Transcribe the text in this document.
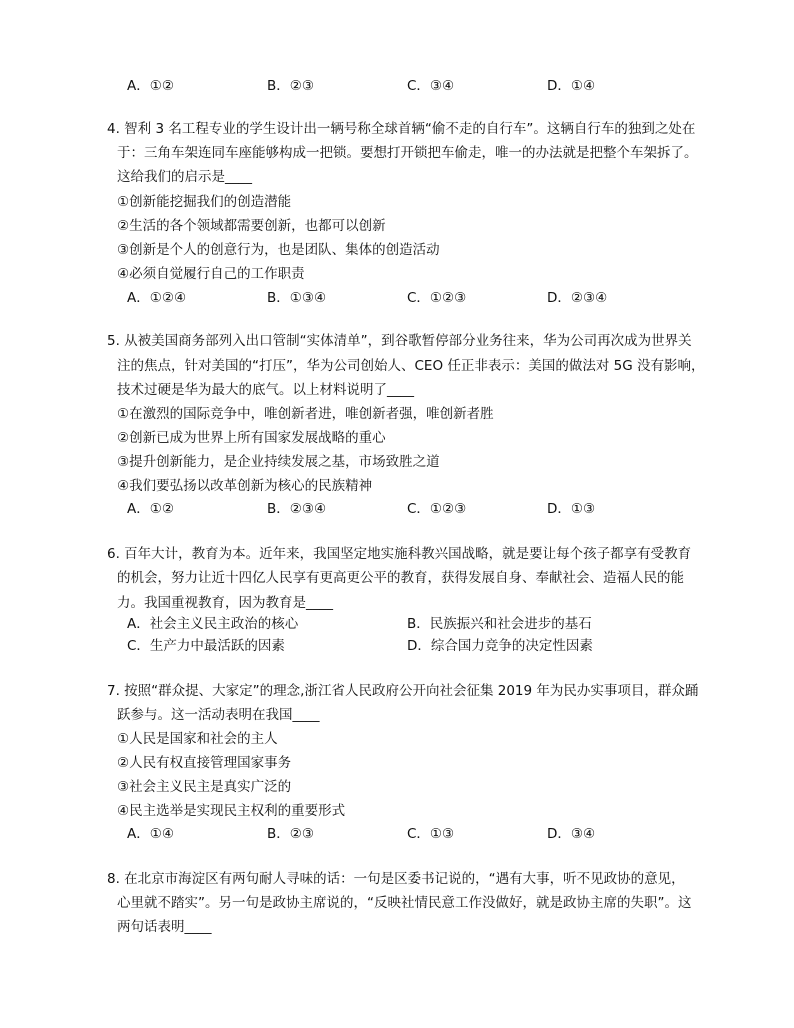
A．①②	B．②③	C．③④	D．①④
4. 智利 3 名工程专业的学生设计出一辆号称全球首辆“偷不走的自行车”。这辆自行车的独到之处在
于：三角车架连同车座能够构成一把锁。要想打开锁把车偷走，唯一的办法就是把整个车架拆了。
这给我们的启示是____
①创新能挖掘我们的创造潜能
②生活的各个领域都需要创新，也都可以创新
③创新是个人的创意行为，也是团队、集体的创造活动
④必须自觉履行自己的工作职责
A．①②④	B．①③④	C．①②③	D．②③④
5. 从被美国商务部列入出口管制“实体清单”，到谷歌暂停部分业务往来，华为公司再次成为世界关
注的焦点，针对美国的“打压”，华为公司创始人、CEO 任正非表示：美国的做法对 5G 没有影响，
技术过硬是华为最大的底气。以上材料说明了____
①在激烈的国际竞争中，唯创新者进，唯创新者强，唯创新者胜
②创新已成为世界上所有国家发展战略的重心
③提升创新能力，是企业持续发展之基，市场致胜之道
④我们要弘扬以改革创新为核心的民族精神
A．①②	B．②③④	C．①②③	D．①③
6. 百年大计，教育为本。近年来，我国坚定地实施科教兴国战略，就是要让每个孩子都享有受教育
的机会，努力让近十四亿人民享有更高更公平的教育，获得发展自身、奉献社会、造福人民的能
力。我国重视教育，因为教育是____
A．社会主义民主政治的核心	B．民族振兴和社会进步的基石
C．生产力中最活跃的因素	D．综合国力竞争的决定性因素
7. 按照“群众提、大家定”的理念,浙江省人民政府公开向社会征集 2019 年为民办实事项目，群众踊
跃参与。这一活动表明在我国____
①人民是国家和社会的主人
②人民有权直接管理国家事务
③社会主义民主是真实广泛的
④民主选举是实现民主权利的重要形式
A．①④	B．②③	C．①③	D．③④
8. 在北京市海淀区有两句耐人寻味的话：一句是区委书记说的，“遇有大事，听不见政协的意见，
心里就不踏实”。另一句是政协主席说的，“反映社情民意工作没做好，就是政协主席的失职”。这
两句话表明____
